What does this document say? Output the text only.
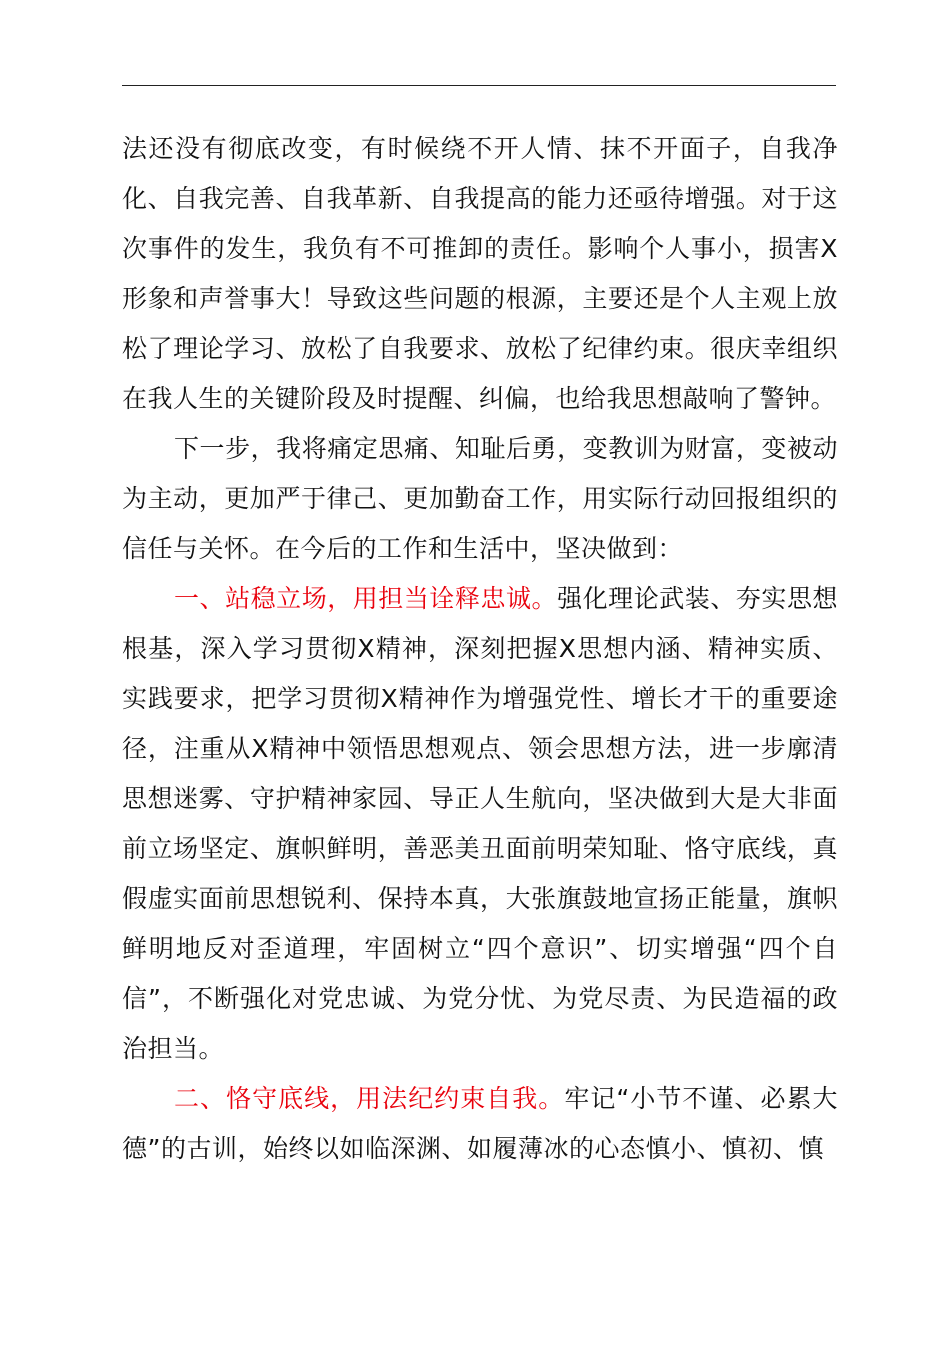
法还没有彻底改变，有时候绕不开人情、抹不开面子，自我净化、自我完善、自我革新、自我提高的能力还亟待增强。对于这次事件的发生，我负有不可推卸的责任。影响个人事小，损害X形象和声誉事大！导致这些问题的根源，主要还是个人主观上放松了理论学习、放松了自我要求、放松了纪律约束。很庆幸组织在我人生的关键阶段及时提醒、纠偏，也给我思想敲响了警钟。

下一步，我将痛定思痛、知耻后勇，变教训为财富，变被动为主动，更加严于律己、更加勤奋工作，用实际行动回报组织的信任与关怀。在今后的工作和生活中，坚决做到：

一、站稳立场，用担当诠释忠诚。强化理论武装、夯实思想根基，深入学习贯彻X精神，深刻把握X思想内涵、精神实质、实践要求，把学习贯彻X精神作为增强党性、增长才干的重要途径，注重从X精神中领悟思想观点、领会思想方法，进一步廓清思想迷雾、守护精神家园、导正人生航向，坚决做到大是大非面前立场坚定、旗帜鲜明，善恶美丑面前明荣知耻、恪守底线，真假虚实面前思想锐利、保持本真，大张旗鼓地宣扬正能量，旗帜鲜明地反对歪道理，牢固树立“四个意识”、切实增强“四个自信”，不断强化对党忠诚、为党分忧、为党尽责、为民造福的政治担当。

二、恪守底线，用法纪约束自我。牢记“小节不谨、必累大德”的古训，始终以如临深渊、如履薄冰的心态慎小、慎初、慎
